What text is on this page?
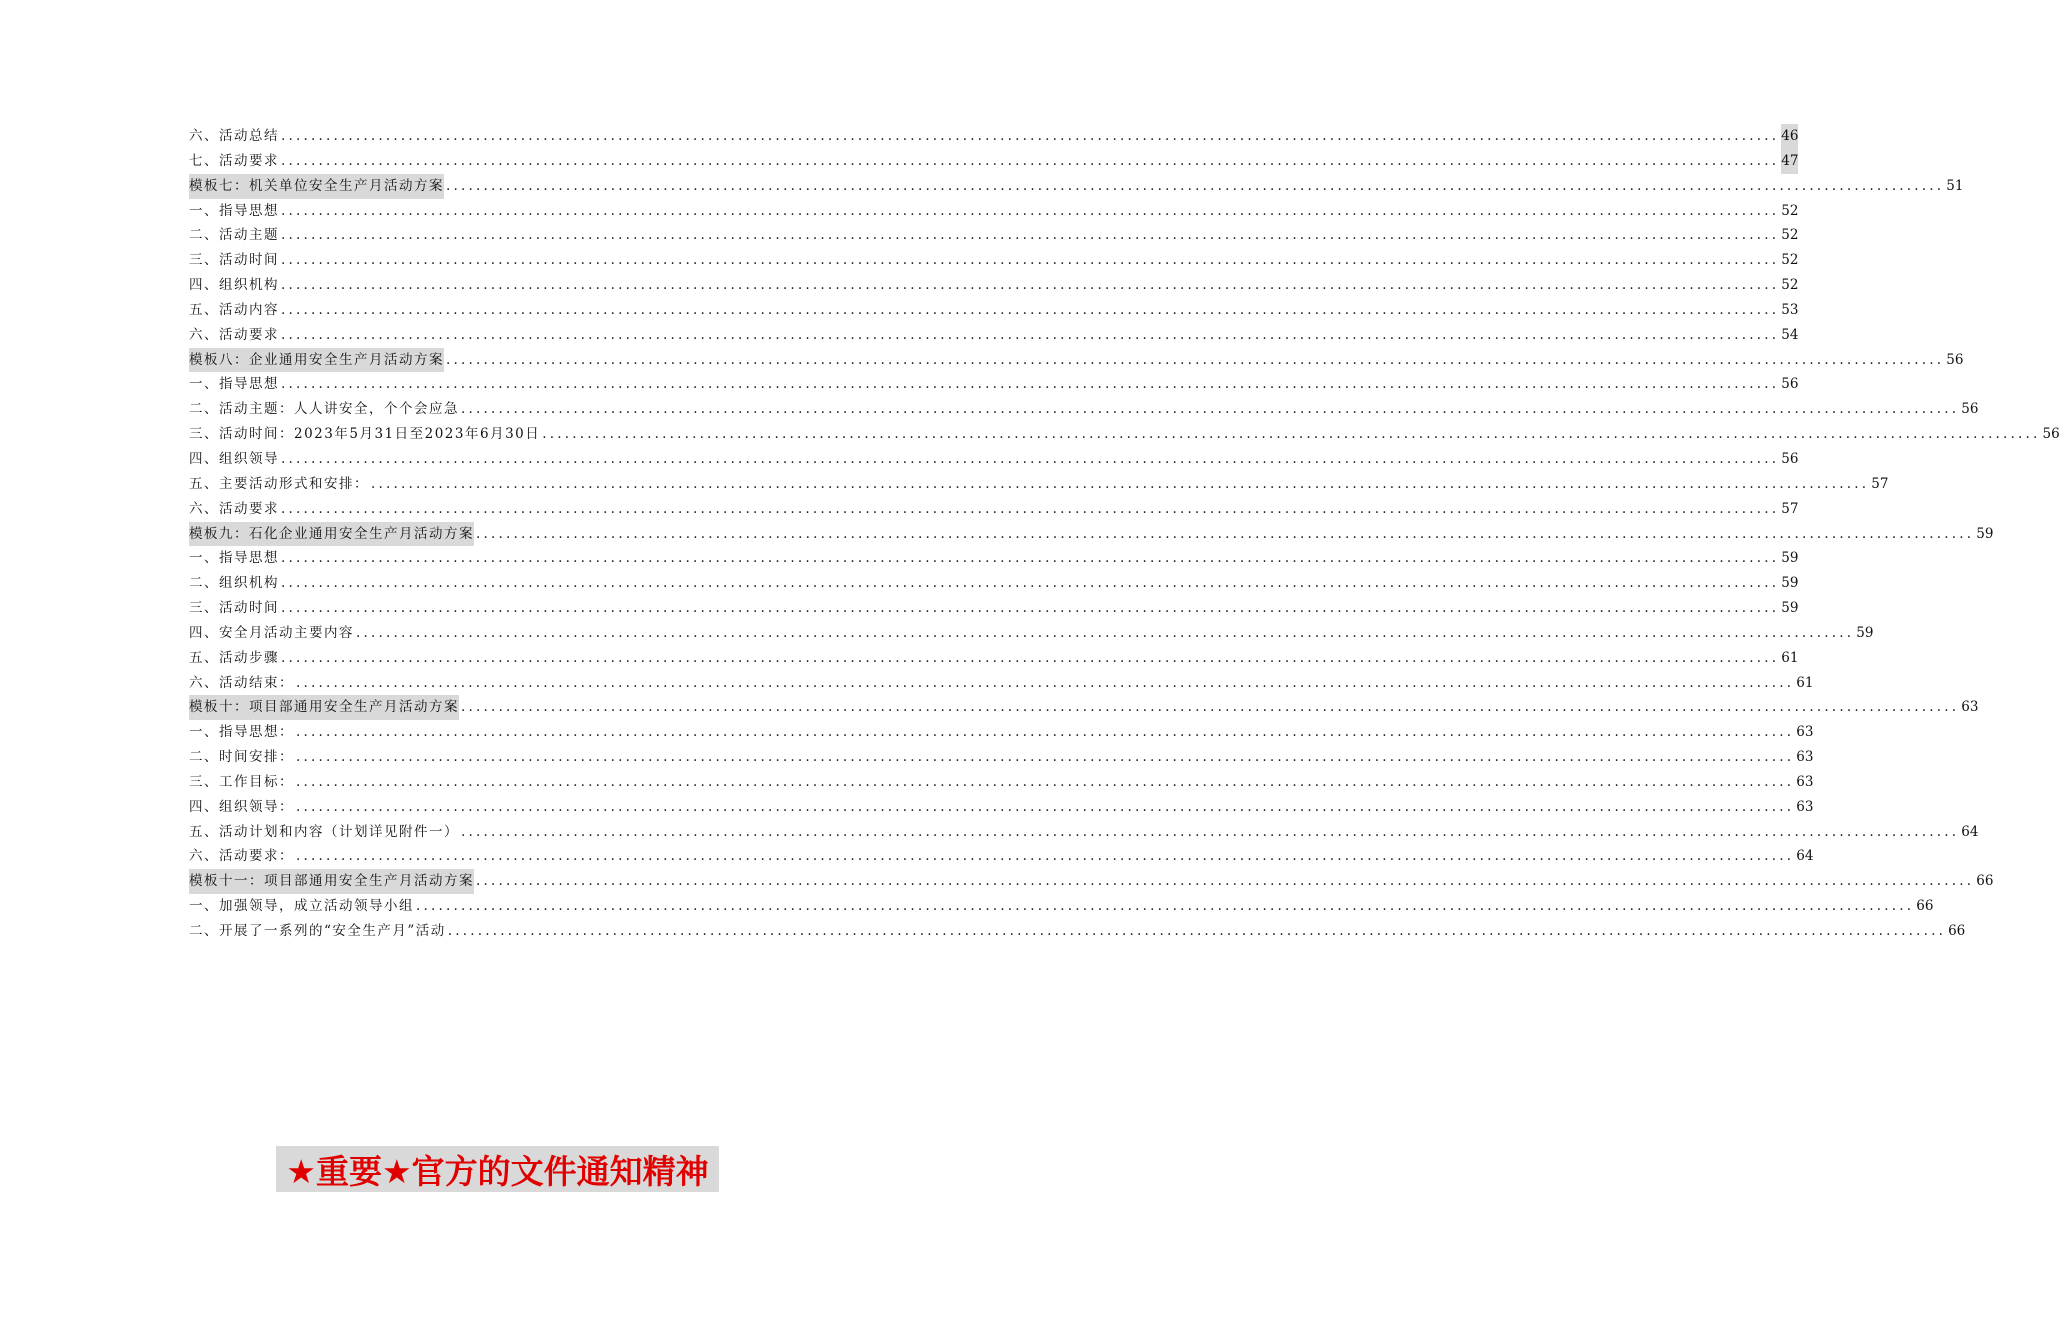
六、活动总结 ........................................................................................................................................................................................................ 46
七、活动要求 ........................................................................................................................................................................................................ 47
模板七：机关单位安全生产月活动方案 ........................................................................................................................................................................................................ 51
一、指导思想 ........................................................................................................................................................................................................ 52
二、活动主题 ........................................................................................................................................................................................................ 52
三、活动时间 ........................................................................................................................................................................................................ 52
四、组织机构 ........................................................................................................................................................................................................ 52
五、活动内容 ........................................................................................................................................................................................................ 53
六、活动要求 ........................................................................................................................................................................................................ 54
模板八：企业通用安全生产月活动方案 ........................................................................................................................................................................................................ 56
一、指导思想 ........................................................................................................................................................................................................ 56
二、活动主题：人人讲安全，个个会应急 ........................................................................................................................................................................................................ 56
三、活动时间：2023年5月31日至2023年6月30日 ........................................................................................................................................................................................................ 56
四、组织领导 ........................................................................................................................................................................................................ 56
五、主要活动形式和安排： ........................................................................................................................................................................................................ 57
六、活动要求 ........................................................................................................................................................................................................ 57
模板九：石化企业通用安全生产月活动方案 ........................................................................................................................................................................................................ 59
一、指导思想 ........................................................................................................................................................................................................ 59
二、组织机构 ........................................................................................................................................................................................................ 59
三、活动时间 ........................................................................................................................................................................................................ 59
四、安全月活动主要内容 ........................................................................................................................................................................................................ 59
五、活动步骤 ........................................................................................................................................................................................................ 61
六、活动结束： ........................................................................................................................................................................................................ 61
模板十：项目部通用安全生产月活动方案 ........................................................................................................................................................................................................ 63
一、指导思想： ........................................................................................................................................................................................................ 63
二、时间安排： ........................................................................................................................................................................................................ 63
三、工作目标： ........................................................................................................................................................................................................ 63
四、组织领导： ........................................................................................................................................................................................................ 63
五、活动计划和内容（计划详见附件一） ........................................................................................................................................................................................................ 64
六、活动要求： ........................................................................................................................................................................................................ 64
模板十一：项目部通用安全生产月活动方案 ........................................................................................................................................................................................................ 66
一、加强领导，成立活动领导小组 ........................................................................................................................................................................................................ 66
二、开展了一系列的“安全生产月”活动 ........................................................................................................................................................................................................ 66
★重要★官方的文件通知精神
